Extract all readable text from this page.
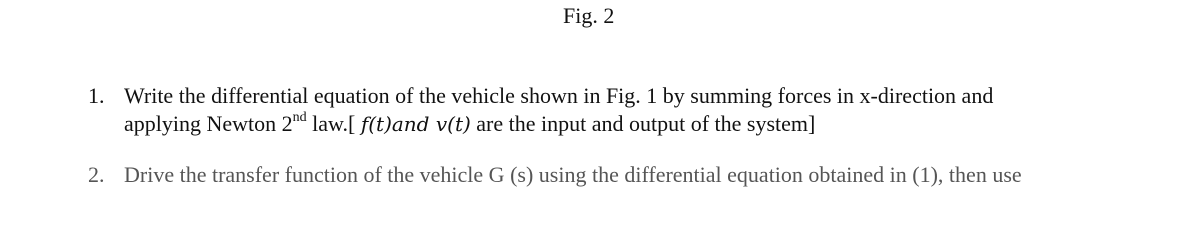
Fig. 2
1. Write the differential equation of the vehicle shown in Fig. 1 by summing forces in x-direction and
applying Newton 2nd law.[ f(t)and v(t) are the input and output of the system]
2. Drive the transfer function of the vehicle G (s) using the differential equation obtained in (1), then use
